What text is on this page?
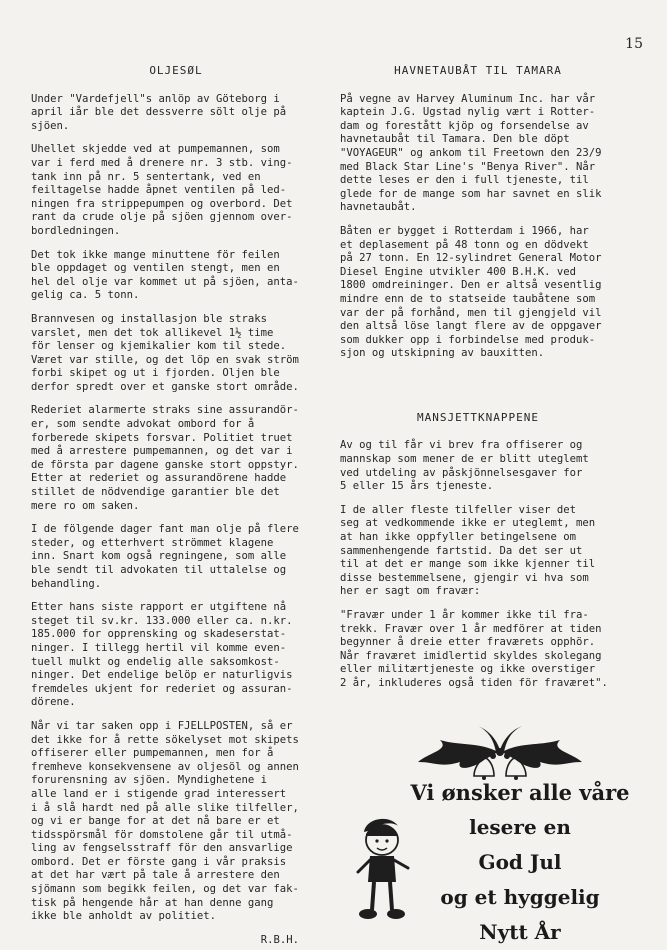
15
OLJESØL

Under "Vardefjell"s anlöp av Göteborg i
april iår ble det dessverre sölt olje på
sjöen.

Uhellet skjedde ved at pumpemannen, som
var i ferd med å drenere nr. 3 stb. ving-
tank inn på nr. 5 sentertank, ved en
feiltagelse hadde åpnet ventilen på led-
ningen fra strippepumpen og overbord. Det
rant da crude olje på sjöen gjennom over-
bordledningen.

Det tok ikke mange minuttene för feilen
ble oppdaget og ventilen stengt, men en
hel del olje var kommet ut på sjöen, anta-
gelig ca. 5 tonn.

Brannvesen og installasjon ble straks
varslet, men det tok allikevel 1½ time
för lenser og kjemikalier kom til stede.
Været var stille, og det löp en svak ström
forbi skipet og ut i fjorden. Oljen ble
derfor spredt over et ganske stort område.

Rederiet alarmerte straks sine assurandör-
er, som sendte advokat ombord for å
forberede skipets forsvar. Politiet truet
med å arrestere pumpemannen, og det var i
de första par dagene ganske stort oppstyr.
Etter at rederiet og assurandörene hadde
stillet de nödvendige garantier ble det
mere ro om saken.

I de fölgende dager fant man olje på flere
steder, og etterhvert strömmet klagene
inn. Snart kom også regningene, som alle
ble sendt til advokaten til uttalelse og
behandling.

Etter hans siste rapport er utgiftene nå
steget til sv.kr. 133.000 eller ca. n.kr.
185.000 for opprensking og skadeserstat-
ninger. I tillegg hertil vil komme even-
tuell mulkt og endelig alle saksomkost-
ninger. Det endelige belöp er naturligvis
fremdeles ukjent for rederiet og assuran-
dörene.

Når vi tar saken opp i FJELLPOSTEN, så er
det ikke for å rette sökelyset mot skipets
offiserer eller pumpemannen, men for å
fremheve konsekvensene av oljesöl og annen
forurensning av sjöen. Myndighetene i
alle land er i stigende grad interessert
i å slå hardt ned på alle slike tilfeller,
og vi er bange for at det nå bare er et
tidsspörsmål för domstolene går til utmå-
ling av fengselsstraff för den ansvarlige
ombord. Det er förste gang i vår praksis
at det har vært på tale å arrestere den
sjömann som begikk feilen, og det var fak-
tisk på hengende hår at han denne gang
ikke ble anholdt av politiet.

R.B.H.
HAVNETAUBÅT TIL TAMARA

På vegne av Harvey Aluminum Inc. har vår
kaptein J.G. Ugstad nylig vært i Rotter-
dam og forestått kjöp og forsendelse av
havnetaubåt til Tamara. Den ble döpt
"VOYAGEUR" og ankom til Freetown den 23/9
med Black Star Line's "Benya River". Når
dette leses er den i full tjeneste, til
glede for de mange som har savnet en slik
havnetaubåt.

Båten er bygget i Rotterdam i 1966, har
et deplasement på 48 tonn og en dödvekt
på 27 tonn. En 12-sylindret General Motor
Diesel Engine utvikler 400 B.H.K. ved
1800 omdreininger. Den er altså vesentlig
mindre enn de to statseide taubåtene som
var der på forhånd, men til gjengjeld vil
den altså löse langt flere av de oppgaver
som dukker opp i forbindelse med produk-
sjon og utskipning av bauxitten.

MANSJETTKNAPPENE

Av og til får vi brev fra offiserer og
mannskap som mener de er blitt uteglemt
ved utdeling av påskjönnelsesgaver for
5 eller 15 års tjeneste.

I de aller fleste tilfeller viser det
seg at vedkommende ikke er uteglemt, men
at han ikke oppfyller betingelsene om
sammenhengende fartstid. Da det ser ut
til at det er mange som ikke kjenner til
disse bestemmelsene, gjengir vi hva som
her er sagt om fravær:

"Fravær under 1 år kommer ikke til fra-
trekk. Fravær over 1 år medförer at tiden
begynner å dreie etter fraværets opphör.
Når fraværet imidlertid skyldes skolegang
eller militærtjeneste og ikke overstiger
2 år, inkluderes også tiden för fraværet".

Vi ønsker alle våre
lesere en
God Jul
og et hyggelig
Nytt År
